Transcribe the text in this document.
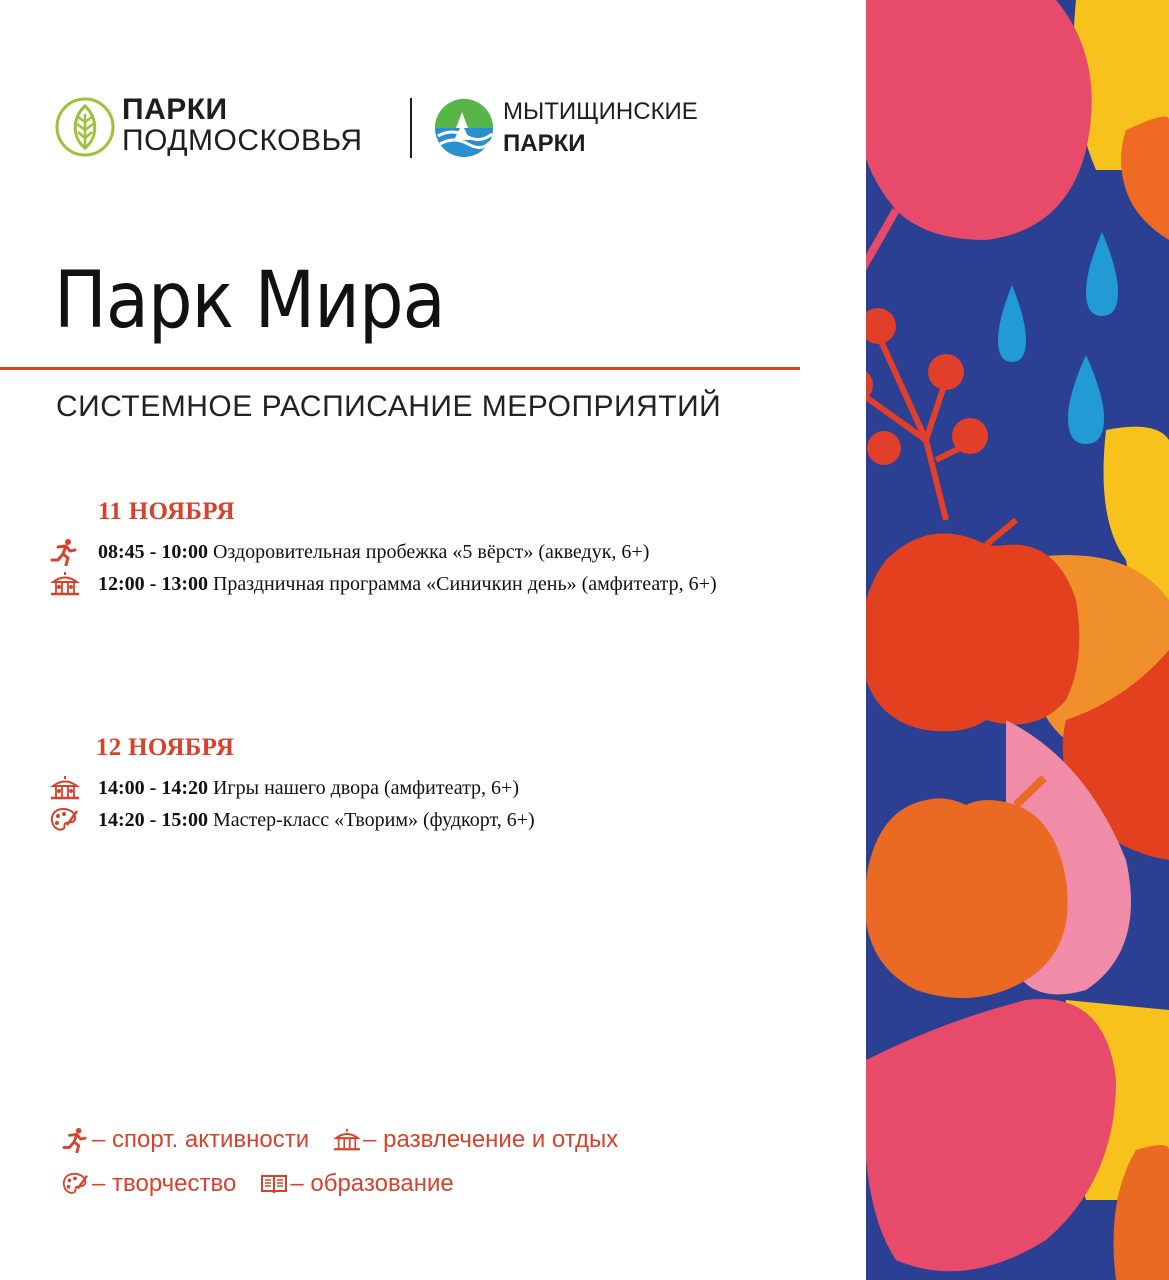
ПАРКИ
ПОДМОСКОВЬЯ
МЫТИЩИНСКИЕ
ПАРКИ
Парк Мира
СИСТЕМНОЕ РАСПИСАНИЕ МЕРОПРИЯТИЙ
11 НОЯБРЯ
08:45 - 10:00 Оздоровительная пробежка «5 вёрст» (акведук, 6+)
12:00 - 13:00 Праздничная программа «Синичкин день» (амфитеатр, 6+)
12 НОЯБРЯ
14:00 - 14:20 Игры нашего двора (амфитеатр, 6+)
14:20 - 15:00 Мастер-класс «Творим» (фудкорт, 6+)
– спорт. активности – развлечение и отдых
– творчество – образование
